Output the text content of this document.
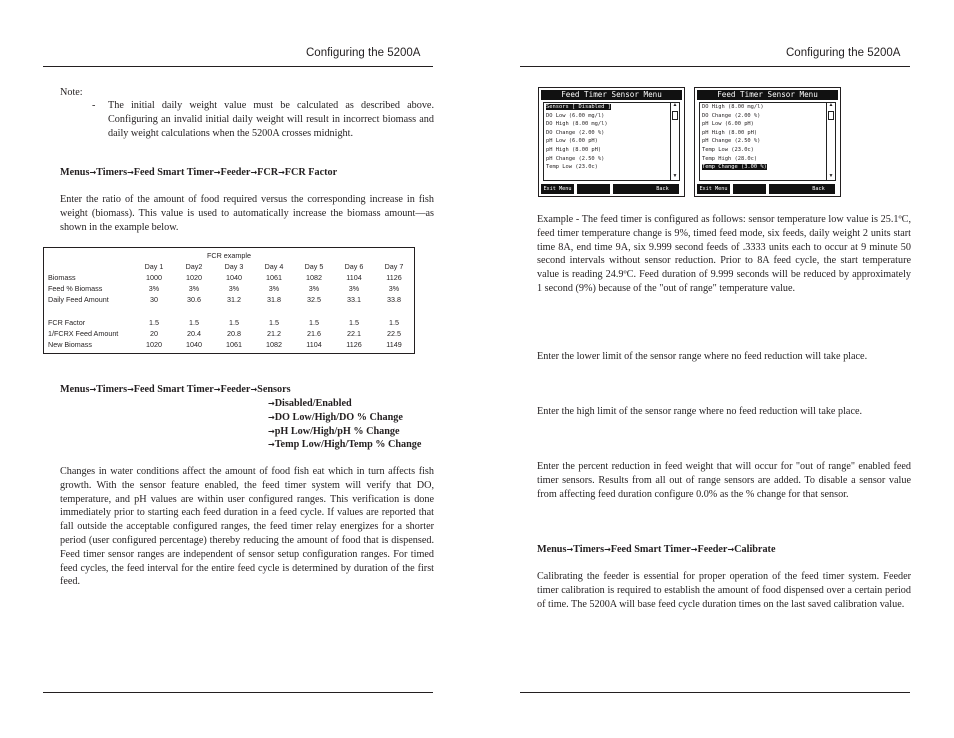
Configuring the 5200A
Note:
- The initial daily weight value must be calculated as described above. Configuring an invalid initial daily weight will result in incorrect biomass and daily weight calculations when the 5200A crosses midnight.
Menus→Timers→Feed Smart Timer→Feeder→FCR→FCR Factor
Enter the ratio of the amount of food required versus the corresponding increase in fish weight (biomass). This value is used to automatically increase the biomass amount—as shown in the example below.
FCR example
Day 1	Day2	Day 3	Day 4	Day 5	Day 6	Day 7
Biomass	1000	1020	1040	1061	1082	1104	1126
Feed % Biomass	3%	3%	3%	3%	3%	3%	3%
Daily Feed Amount	30	30.6	31.2	31.8	32.5	33.1	33.8
FCR Factor	1.5	1.5	1.5	1.5	1.5	1.5	1.5
1/FCRX Feed Amount	20	20.4	20.8	21.2	21.6	22.1	22.5
New Biomass	1020	1040	1061	1082	1104	1126	1149
Menus→Timers→Feed Smart Timer→Feeder→Sensors
→Disabled/Enabled
→DO Low/High/DO % Change
→pH Low/High/pH % Change
→Temp Low/High/Temp % Change
Changes in water conditions affect the amount of food fish eat which in turn affects fish growth. With the sensor feature enabled, the feed timer system will verify that DO, temperature, and pH values are within user configured ranges. This verification is done immediately prior to starting each feed duration in a feed cycle. If values are reported that fall outside the acceptable configured ranges, the feed timer relay energizes for a shorter period (user configured percentage) thereby reducing the amount of food that is dispensed. Feed timer sensor ranges are independent of sensor setup configuration ranges. For timed feed cycles, the feed interval for the entire feed cycle is determined by duration of the first feed.
Configuring the 5200A
Feed Timer Sensor Menu
Sensors [ Disabled ]
DO Low (6.00 mg/l)
DO High (8.00 mg/l)
DO Change (2.00 %)
pH Low (6.00 pH)
pH High (8.00 pH)
pH Change (2.50 %)
Temp Low (23.0c)
▲
▼
Exit Menu	Back
Feed Timer Sensor Menu
DO High (8.00 mg/l)
DO Change (2.00 %)
pH Low (6.00 pH)
pH High (8.00 pH)
pH Change (2.50 %)
Temp Low (23.0c)
Temp High (28.0c)
Temp Change (3.00 %)
▲
▼
Exit Menu	Back
Example - The feed timer is configured as follows: sensor temperature low value is 25.1ºC, feed timer temperature change is 9%, timed feed mode, six feeds, daily weight 2 units start time 8A, end time 9A, six 9.999 second feeds of .3333 units each to occur at 9 minute 50 second intervals without sensor reduction. Prior to 8A feed cycle, the start temperature value is reading 24.9ºC. Feed duration of 9.999 seconds will be reduced by approximately 1 second (9%) because of the "out of range" temperature value.
Enter the lower limit of the sensor range where no feed reduction will take place.
Enter the high limit of the sensor range where no feed reduction will take place.
Enter the percent reduction in feed weight that will occur for "out of range" enabled feed timer sensors. Results from all out of range sensors are added. To disable a sensor value from affecting feed duration configure 0.0% as the % change for that sensor.
Menus→Timers→Feed Smart Timer→Feeder→Calibrate
Calibrating the feeder is essential for proper operation of the feed timer system. Feeder timer calibration is required to establish the amount of food dispensed over a certain period of time. The 5200A will base feed cycle duration times on the last saved calibration value.
